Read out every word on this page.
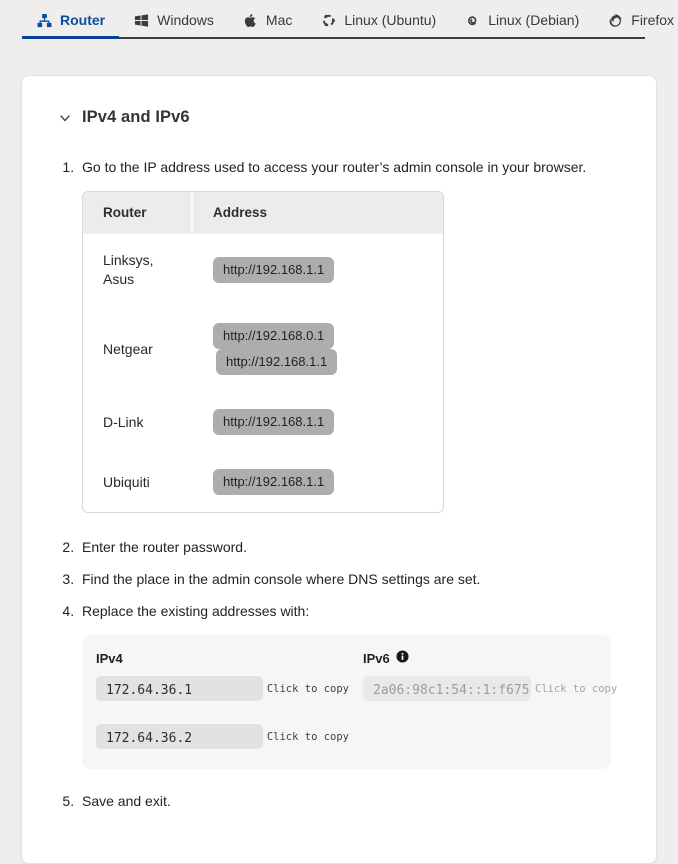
Router	Windows	Mac	Linux (Ubuntu)	Linux (Debian)	Firefox
IPv4 and IPv6
1. Go to the IP address used to access your router’s admin console in your browser.
Router	Address
Linksys, Asus	http://192.168.1.1
Netgear	http://192.168.0.1 http://192.168.1.1
D-Link	http://192.168.1.1
Ubiquiti	http://192.168.1.1
2. Enter the router password.
3. Find the place in the admin console where DNS settings are set.
4. Replace the existing addresses with:
IPv4
172.64.36.1	Click to copy
172.64.36.2	Click to copy
IPv6
2a06:98c1:54::1:f675 Click to copy
5. Save and exit.
